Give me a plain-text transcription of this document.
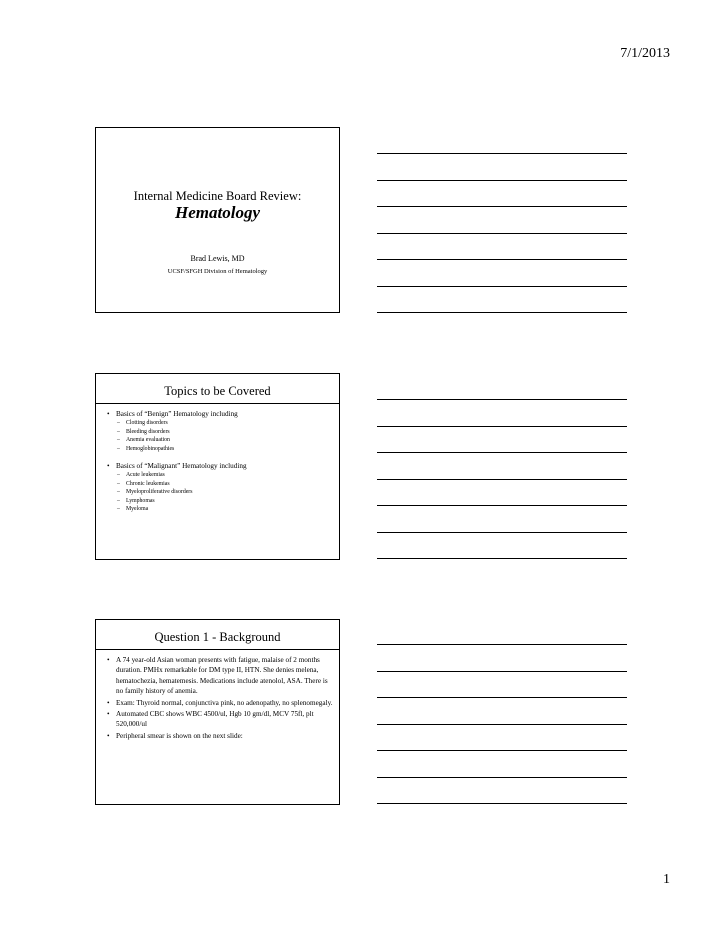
7/1/2013
Internal Medicine Board Review:
Hematology
Brad Lewis, MD
UCSF/SFGH Division of Hematology
Topics to be Covered
• Basics of “Benign” Hematology including
– Clotting disorders
– Bleeding disorders
– Anemia evaluation
– Hemoglobinopathies
• Basics of “Malignant” Hematology including
– Acute leukemias
– Chronic leukemias
– Myeloproliferative disorders
– Lymphomas
– Myeloma
Question 1 - Background
• A 74 year-old Asian woman presents with fatigue, malaise of 2 months duration. PMHx remarkable for DM type II, HTN. She denies melena, hematochezia, hematemesis. Medications include atenolol, ASA. There is no family history of anemia.
• Exam: Thyroid normal, conjunctiva pink, no adenopathy, no splenomegaly.
• Automated CBC shows WBC 4500/ul, Hgb 10 gm/dl, MCV 75fl, plt 520,000/ul
• Peripheral smear is shown on the next slide:
1
